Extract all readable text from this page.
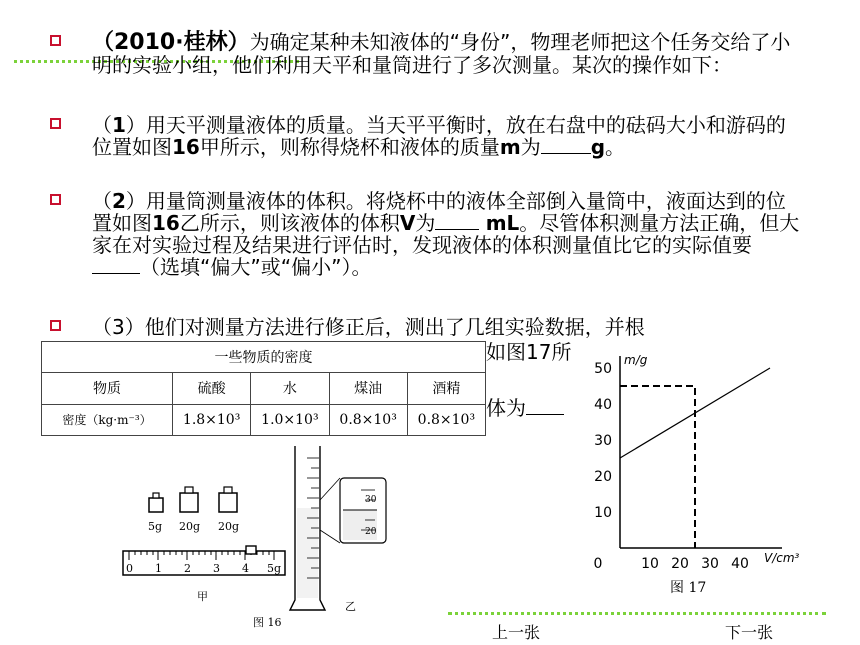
（2010·桂林）为确定某种未知液体的“身份”，物理老师把这个任务交给了小明的实验小组，他们利用天平和量筒进行了多次测量。某次的操作如下：
（1）用天平测量液体的质量。当天平平衡时，放在右盘中的砝码大小和游码的位置如图16甲所示，则称得烧杯和液体的质量m为	g。
（2）用量筒测量液体的体积。将烧杯中的液体全部倒入量筒中，液面达到的位置如图16乙所示，则该液体的体积V为	mL。尽管体积测量方法正确，但大家在对实验过程及结果进行评估时，发现液体的体积测量值比它的实际值要 （选填“偏大”或“偏小”）。
（3）他们对测量方法进行修正后，测出了几组实验数据，并根
一些物质的密度				
物质	硫酸	水	煤油	酒精
密度（kg·m⁻³）	1.8×10³	1.0×10³	0.8×10³	0.8×10³
如图17所
体为
5g 20g 20g
0 1 2 3 4 5g
甲
30
20
乙
图 16
m/g
V/cm³
10
20
30
40
50
0	10 20 30 40
图 17
上一张	下一张
